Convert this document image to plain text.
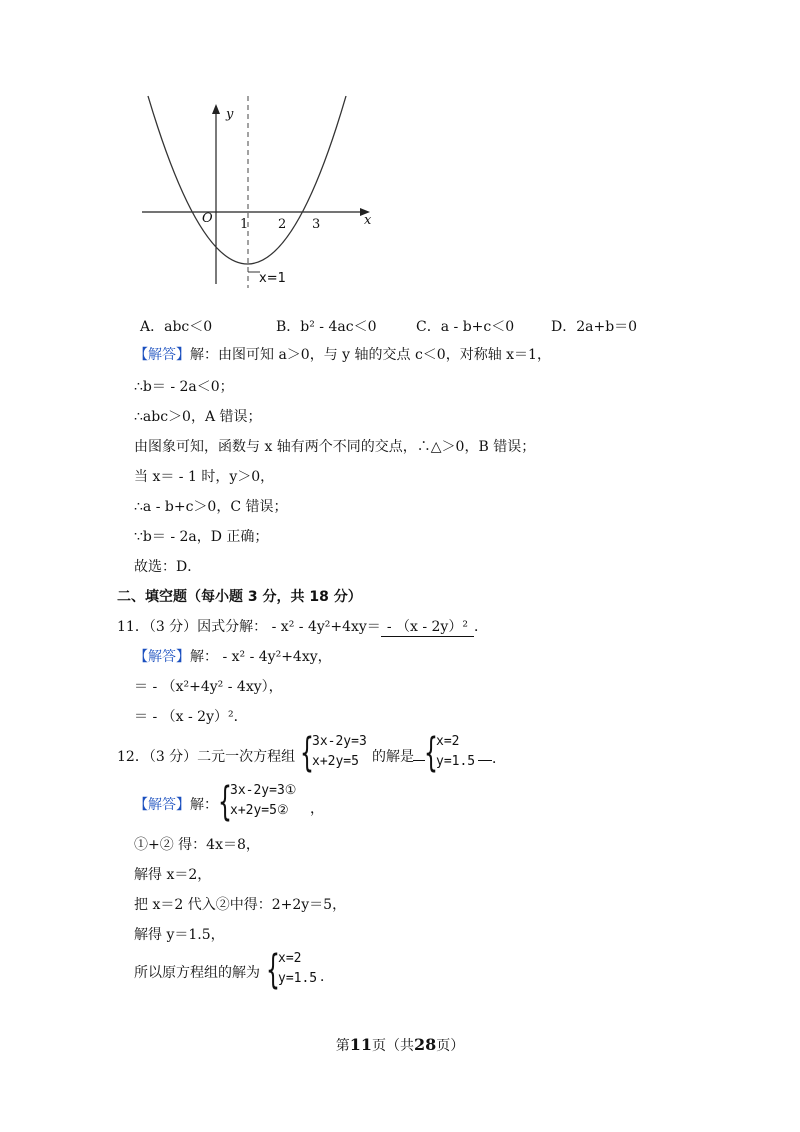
y
x
O 1 2 3
x=1
A．abc＜0	B．b² - 4ac＜0	C．a - b+c＜0	D．2a+b＝0
【解答】解：由图可知 a＞0，与 y 轴的交点 c＜0，对称轴 x＝1，
∴b＝ - 2a＜0；
∴abc＞0，A 错误；
由图象可知，函数与 x 轴有两个不同的交点，∴△＞0，B 错误；
当 x＝ - 1 时，y＞0，
∴a - b+c＞0，C 错误；
∵b＝ - 2a，D 正确；
故选：D．
二、填空题（每小题 3 分，共 18 分）
11．（3 分）因式分解： - x² - 4y²+4xy＝ - （x - 2y）² ．
【解答】解： - x² - 4y²+4xy，
＝ - （x²+4y² - 4xy），
＝ - （x - 2y）²．
12．（3 分）二元一次方程组 {
3x-2y=3
x+2y=5 的解是 {
x=2
y=1.5 ．
【解答】解： {
3x-2y=3①
x+2y=5②	，
①+② 得：4x＝8，
解得 x＝2，
把 x＝2 代入②中得：2+2y＝5，
解得 y＝1.5，
所以原方程组的解为 {
x=2
y=1.5 ．
第11页（共28页）
